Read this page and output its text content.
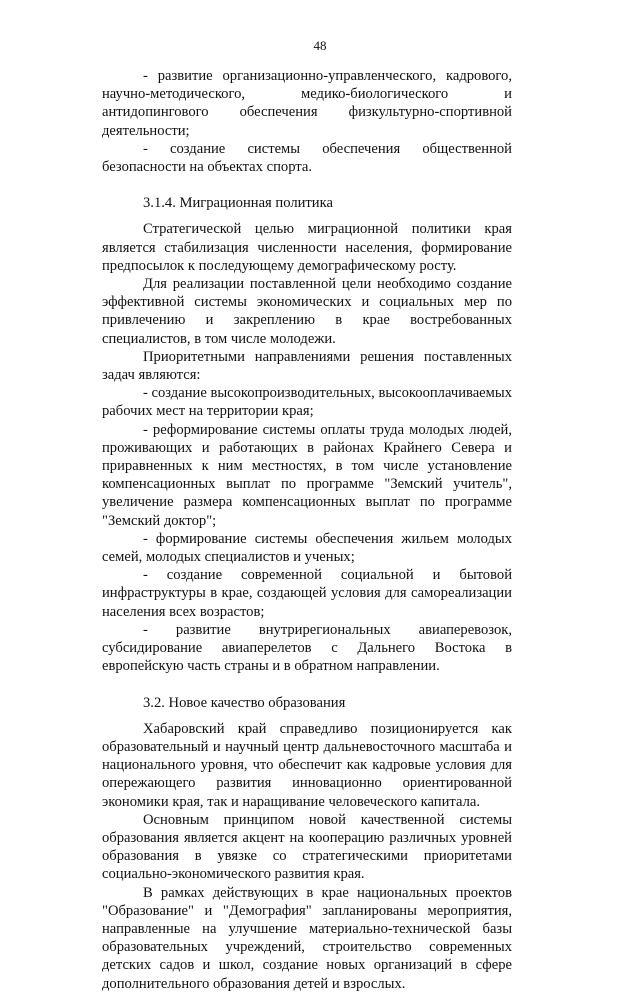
48

- развитие организационно-управленческого, кадрового, научно-методического, медико-биологического и антидопингового обеспечения физкультурно-спортивной деятельности;

- создание системы обеспечения общественной безопасности на объектах спорта.

3.1.4. Миграционная политика

Стратегической целью миграционной политики края является стабилизация численности населения, формирование предпосылок к последующему демографическому росту.

Для реализации поставленной цели необходимо создание эффективной системы экономических и социальных мер по привлечению и закреплению в крае востребованных специалистов, в том числе молодежи.

Приоритетными направлениями решения поставленных задач являются:

- создание высокопроизводительных, высокооплачиваемых рабочих мест на территории края;

- реформирование системы оплаты труда молодых людей, проживающих и работающих в районах Крайнего Севера и приравненных к ним местностях, в том числе установление компенсационных выплат по программе "Земский учитель", увеличение размера компенсационных выплат по программе "Земский доктор";

- формирование системы обеспечения жильем молодых семей, молодых специалистов и ученых;

- создание современной социальной и бытовой инфраструктуры в крае, создающей условия для самореализации населения всех возрастов;

- развитие внутрирегиональных авиаперевозок, субсидирование авиаперелетов с Дальнего Востока в европейскую часть страны и в обратном направлении.

3.2. Новое качество образования

Хабаровский край справедливо позиционируется как образовательный и научный центр дальневосточного масштаба и национального уровня, что обеспечит как кадровые условия для опережающего развития инновационно ориентированной экономики края, так и наращивание человеческого капитала.

Основным принципом новой качественной системы образования является акцент на кооперацию различных уровней образования в увязке со стратегическими приоритетами социально-экономического развития края.

В рамках действующих в крае национальных проектов "Образование" и "Демография" запланированы мероприятия, направленные на улучшение материально-технической базы образовательных учреждений, строительство современных детских садов и школ, создание новых организаций в сфере дополнительного образования детей и взрослых.
